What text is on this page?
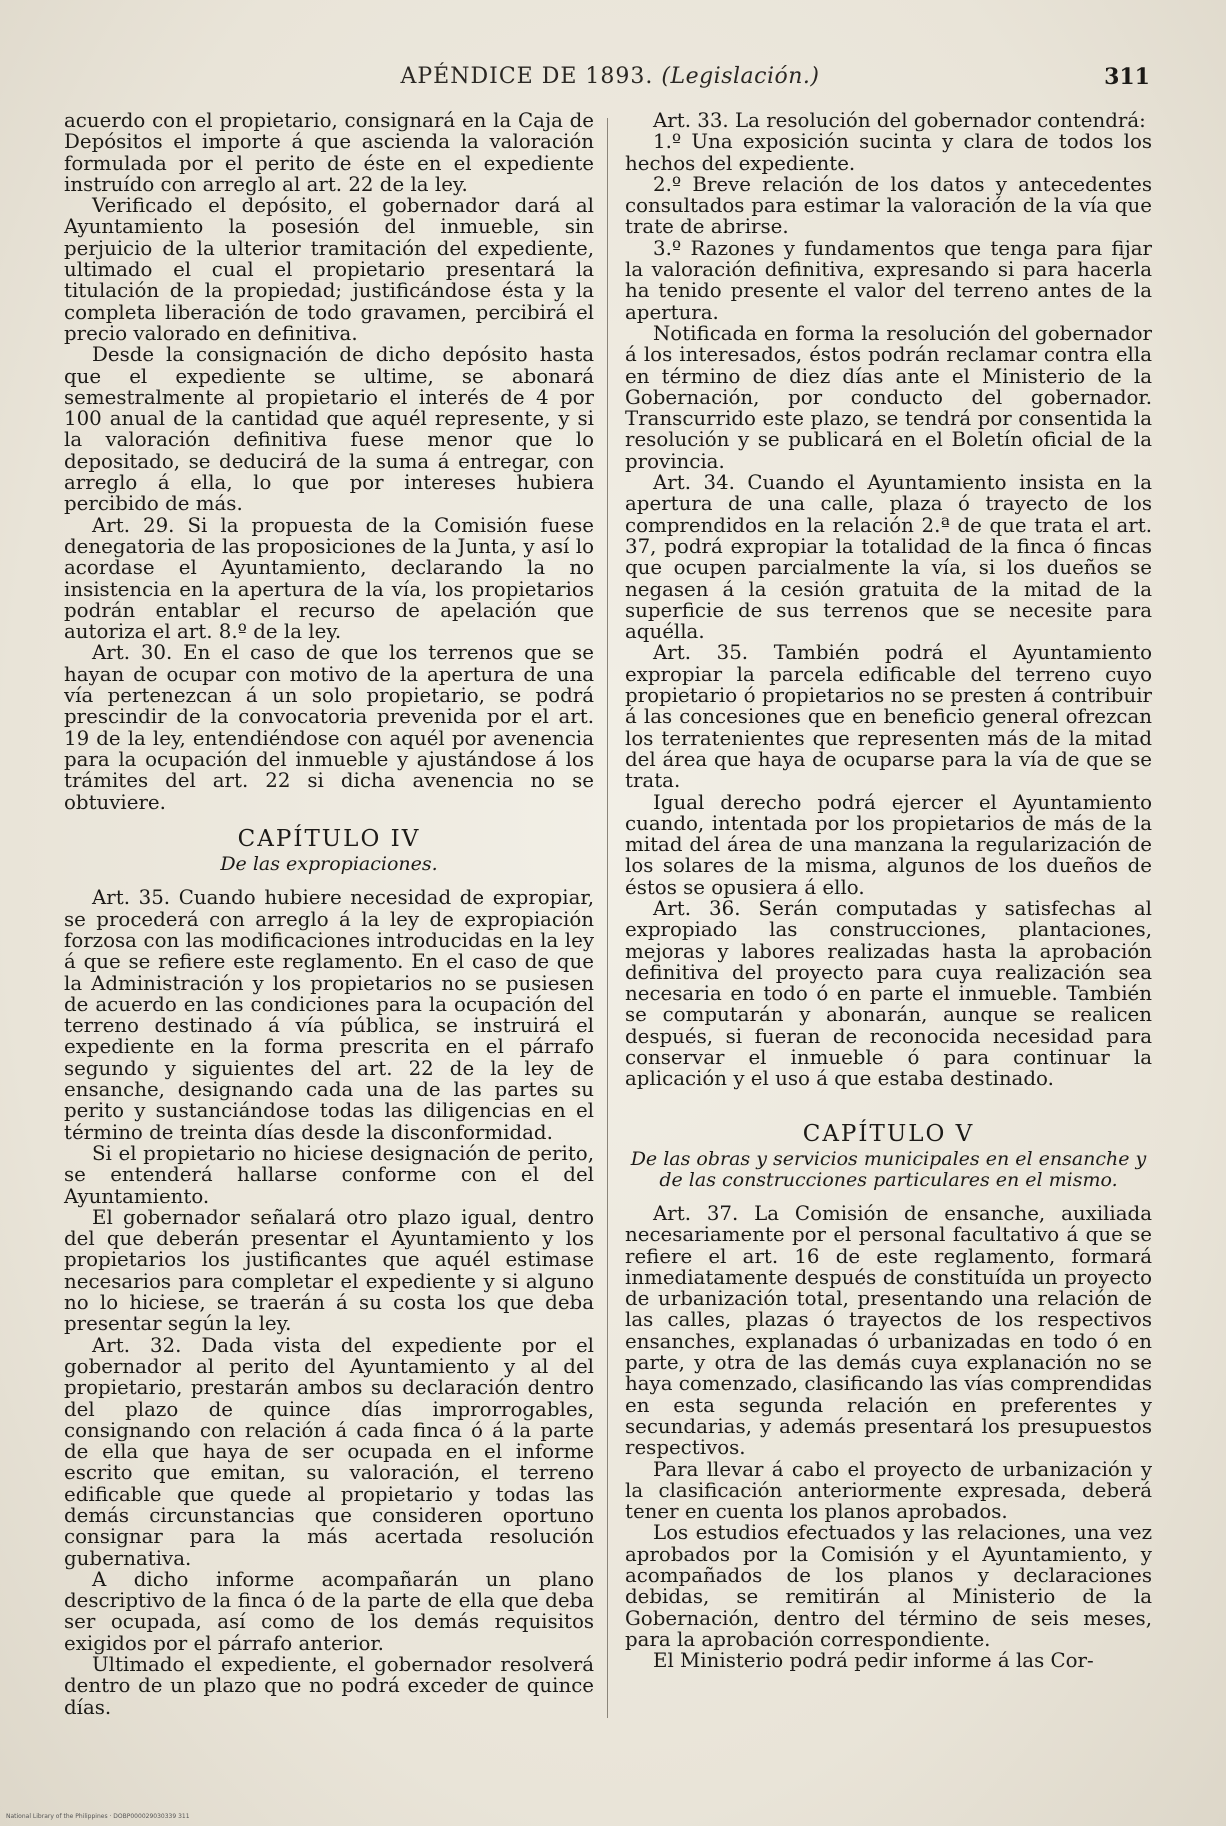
APÉNDICE DE 1893. (Legislación.)	311

acuerdo con el propietario, consignará en la Caja de Depósitos el importe á que ascienda la valoración formulada por el perito de éste en el expediente instruído con arreglo al art. 22 de la ley.

Verificado el depósito, el gobernador dará al Ayuntamiento la posesión del inmueble, sin perjuicio de la ulterior tramitación del expediente, ultimado el cual el propietario presentará la titulación de la propiedad; justificándose ésta y la completa liberación de todo gravamen, percibirá el precio valorado en definitiva.

Desde la consignación de dicho depósito hasta que el expediente se ultime, se abonará semestralmente al propietario el interés de 4 por 100 anual de la cantidad que aquél represente, y si la valoración definitiva fuese menor que lo depositado, se deducirá de la suma á entregar, con arreglo á ella, lo que por intereses hubiera percibido de más.

Art. 29. Si la propuesta de la Comisión fuese denegatoria de las proposiciones de la Junta, y así lo acordase el Ayuntamiento, declarando la no insistencia en la apertura de la vía, los propietarios podrán entablar el recurso de apelación que autoriza el art. 8.º de la ley.

Art. 30. En el caso de que los terrenos que se hayan de ocupar con motivo de la apertura de una vía pertenezcan á un solo propietario, se podrá prescindir de la convocatoria prevenida por el art. 19 de la ley, entendiéndose con aquél por avenencia para la ocupación del inmueble y ajustándose á los trámites del art. 22 si dicha avenencia no se obtuviere.

CAPÍTULO IV
De las expropiaciones.

Art. 35. Cuando hubiere necesidad de expropiar, se procederá con arreglo á la ley de expropiación forzosa con las modificaciones introducidas en la ley á que se refiere este reglamento. En el caso de que la Administración y los propietarios no se pusiesen de acuerdo en las condiciones para la ocupación del terreno destinado á vía pública, se instruirá el expediente en la forma prescrita en el párrafo segundo y siguientes del art. 22 de la ley de ensanche, designando cada una de las partes su perito y sustanciándose todas las diligencias en el término de treinta días desde la disconformidad.

Si el propietario no hiciese designación de perito, se entenderá hallarse conforme con el del Ayuntamiento.

El gobernador señalará otro plazo igual, dentro del que deberán presentar el Ayuntamiento y los propietarios los justificantes que aquél estimase necesarios para completar el expediente y si alguno no lo hiciese, se traerán á su costa los que deba presentar según la ley.

Art. 32. Dada vista del expediente por el gobernador al perito del Ayuntamiento y al del propietario, prestarán ambos su declaración dentro del plazo de quince días improrrogables, consignando con relación á cada finca ó á la parte de ella que haya de ser ocupada en el informe escrito que emitan, su valoración, el terreno edificable que quede al propietario y todas las demás circunstancias que consideren oportuno consignar para la más acertada resolución gubernativa.

A dicho informe acompañarán un plano descriptivo de la finca ó de la parte de ella que deba ser ocupada, así como de los demás requisitos exigidos por el párrafo anterior.

Ultimado el expediente, el gobernador resolverá dentro de un plazo que no podrá exceder de quince días.

Art. 33. La resolución del gobernador contendrá:

1.º Una exposición sucinta y clara de todos los hechos del expediente.

2.º Breve relación de los datos y antecedentes consultados para estimar la valoración de la vía que trate de abrirse.

3.º Razones y fundamentos que tenga para fijar la valoración definitiva, expresando si para hacerla ha tenido presente el valor del terreno antes de la apertura.

Notificada en forma la resolución del gobernador á los interesados, éstos podrán reclamar contra ella en término de diez días ante el Ministerio de la Gobernación, por conducto del gobernador. Transcurrido este plazo, se tendrá por consentida la resolución y se publicará en el Boletín oficial de la provincia.

Art. 34. Cuando el Ayuntamiento insista en la apertura de una calle, plaza ó trayecto de los comprendidos en la relación 2.ª de que trata el art. 37, podrá expropiar la totalidad de la finca ó fincas que ocupen parcialmente la vía, si los dueños se negasen á la cesión gratuita de la mitad de la superficie de sus terrenos que se necesite para aquélla.

Art. 35. También podrá el Ayuntamiento expropiar la parcela edificable del terreno cuyo propietario ó propietarios no se presten á contribuir á las concesiones que en beneficio general ofrezcan los terratenientes que representen más de la mitad del área que haya de ocuparse para la vía de que se trata.

Igual derecho podrá ejercer el Ayuntamiento cuando, intentada por los propietarios de más de la mitad del área de una manzana la regularización de los solares de la misma, algunos de los dueños de éstos se opusiera á ello.

Art. 36. Serán computadas y satisfechas al expropiado las construcciones, plantaciones, mejoras y labores realizadas hasta la aprobación definitiva del proyecto para cuya realización sea necesaria en todo ó en parte el inmueble. También se computarán y abonarán, aunque se realicen después, si fueran de reconocida necesidad para conservar el inmueble ó para continuar la aplicación y el uso á que estaba destinado.

CAPÍTULO V
De las obras y servicios municipales en el ensanche y de las construcciones particulares en el mismo.

Art. 37. La Comisión de ensanche, auxiliada necesariamente por el personal facultativo á que se refiere el art. 16 de este reglamento, formará inmediatamente después de constituída un proyecto de urbanización total, presentando una relación de las calles, plazas ó trayectos de los respectivos ensanches, explanadas ó urbanizadas en todo ó en parte, y otra de las demás cuya explanación no se haya comenzado, clasificando las vías comprendidas en esta segunda relación en preferentes y secundarias, y además presentará los presupuestos respectivos.

Para llevar á cabo el proyecto de urbanización y la clasificación anteriormente expresada, deberá tener en cuenta los planos aprobados.

Los estudios efectuados y las relaciones, una vez aprobados por la Comisión y el Ayuntamiento, y acompañados de los planos y declaraciones debidas, se remitirán al Ministerio de la Gobernación, dentro del término de seis meses, para la aprobación correspondiente.

El Ministerio podrá pedir informe á las Cor-

National Library of the Philippines · DOBP000029030339 311
